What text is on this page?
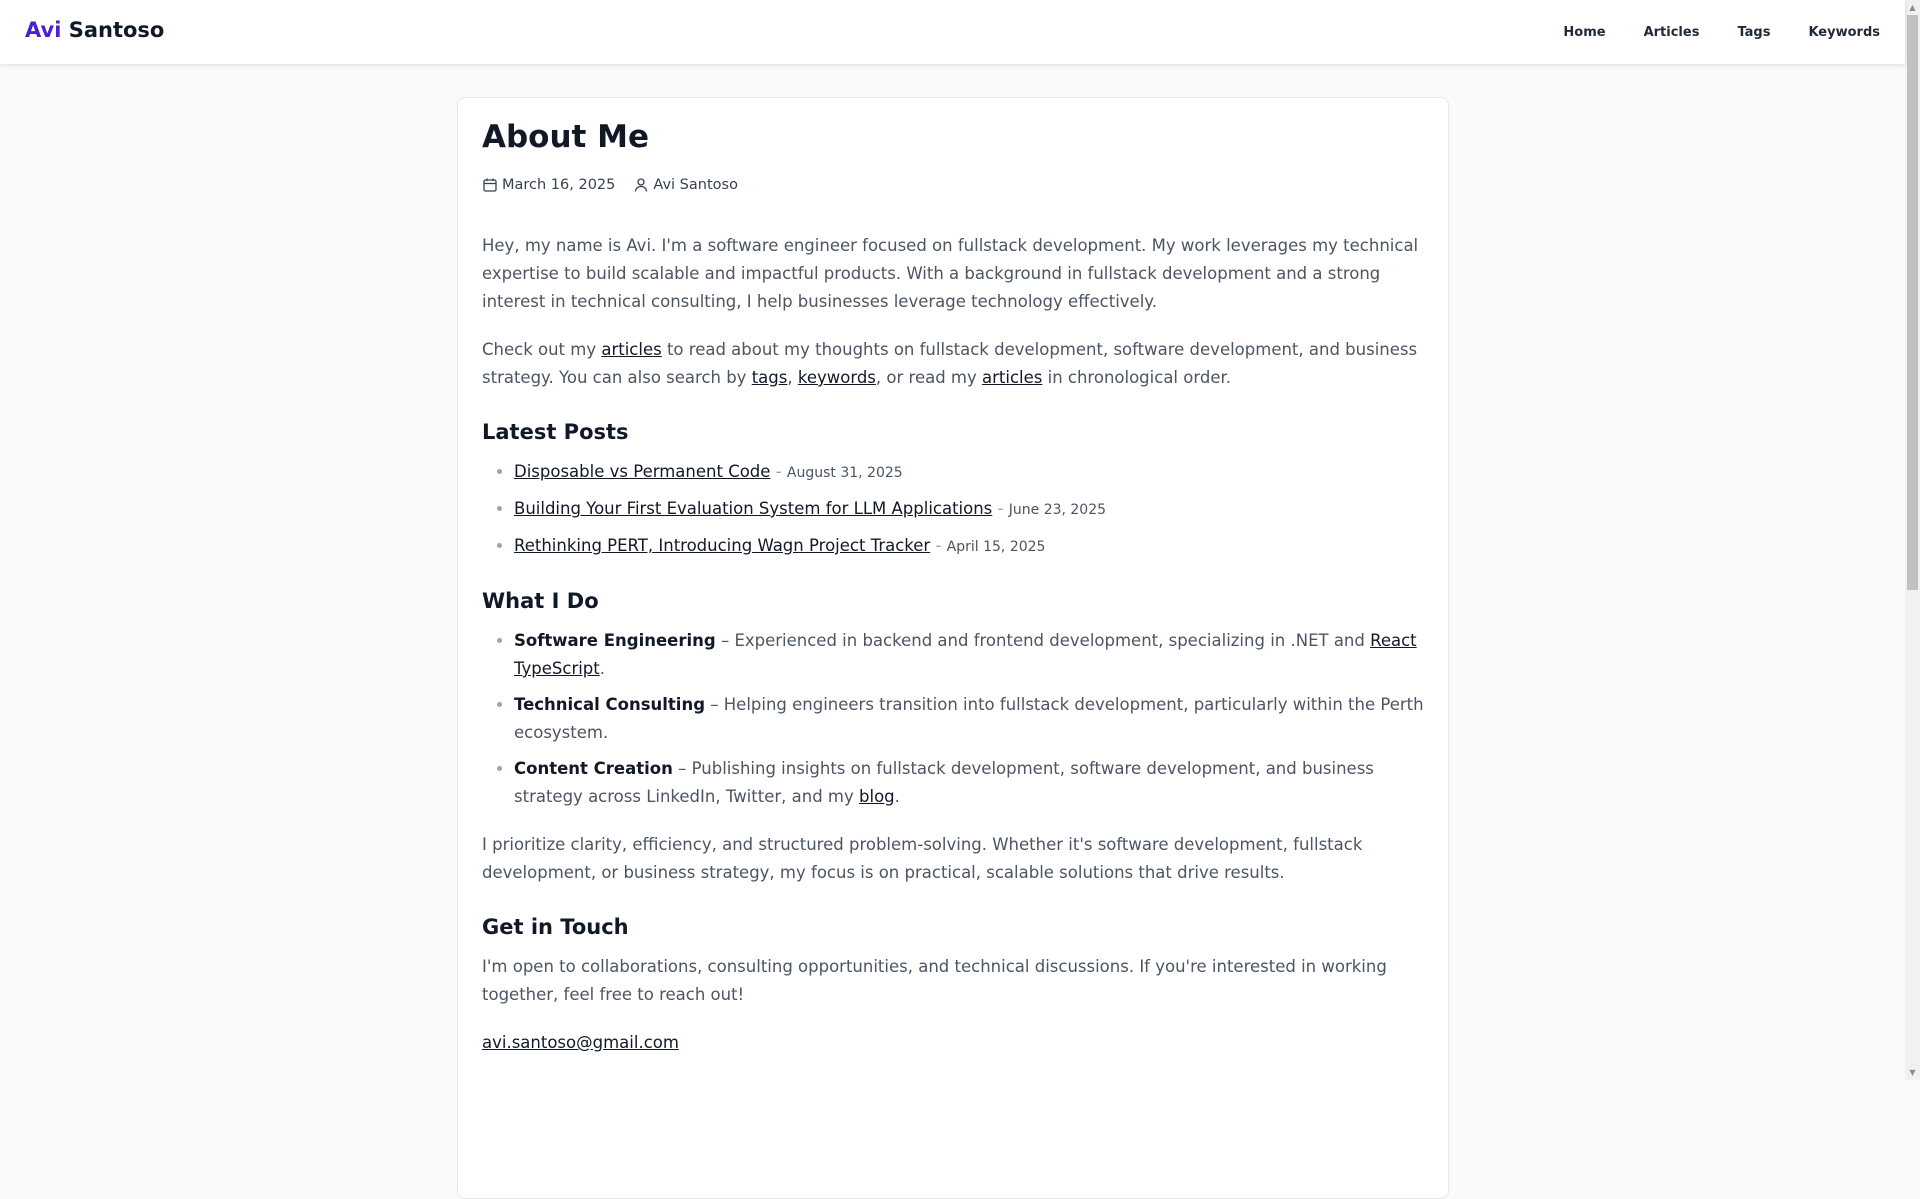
Avi Santoso	Home	Articles	Tags	Keywords
About Me
March 16, 2025	Avi Santoso

Hey, my name is Avi. I'm a software engineer focused on fullstack development. My work leverages my technical expertise to build scalable and impactful products. With a background in fullstack development and a strong interest in technical consulting, I help businesses leverage technology effectively.

Check out my articles to read about my thoughts on fullstack development, software development, and business strategy. You can also search by tags, keywords, or read my articles in chronological order.

Latest Posts
• Disposable vs Permanent Code - August 31, 2025
• Building Your First Evaluation System for LLM Applications - June 23, 2025
• Rethinking PERT, Introducing Wagn Project Tracker - April 15, 2025
What I Do
• Software Engineering – Experienced in backend and frontend development, specializing in .NET and React TypeScript.
• Technical Consulting – Helping engineers transition into fullstack development, particularly within the Perth ecosystem.
• Content Creation – Publishing insights on fullstack development, software development, and business strategy across LinkedIn, Twitter, and my blog.

I prioritize clarity, efficiency, and structured problem-solving. Whether it's software development, fullstack development, or business strategy, my focus is on practical, scalable solutions that drive results.

Get in Touch

I'm open to collaborations, consulting opportunities, and technical discussions. If you're interested in working together, feel free to reach out!

avi.santoso@gmail.com

▲
▼
